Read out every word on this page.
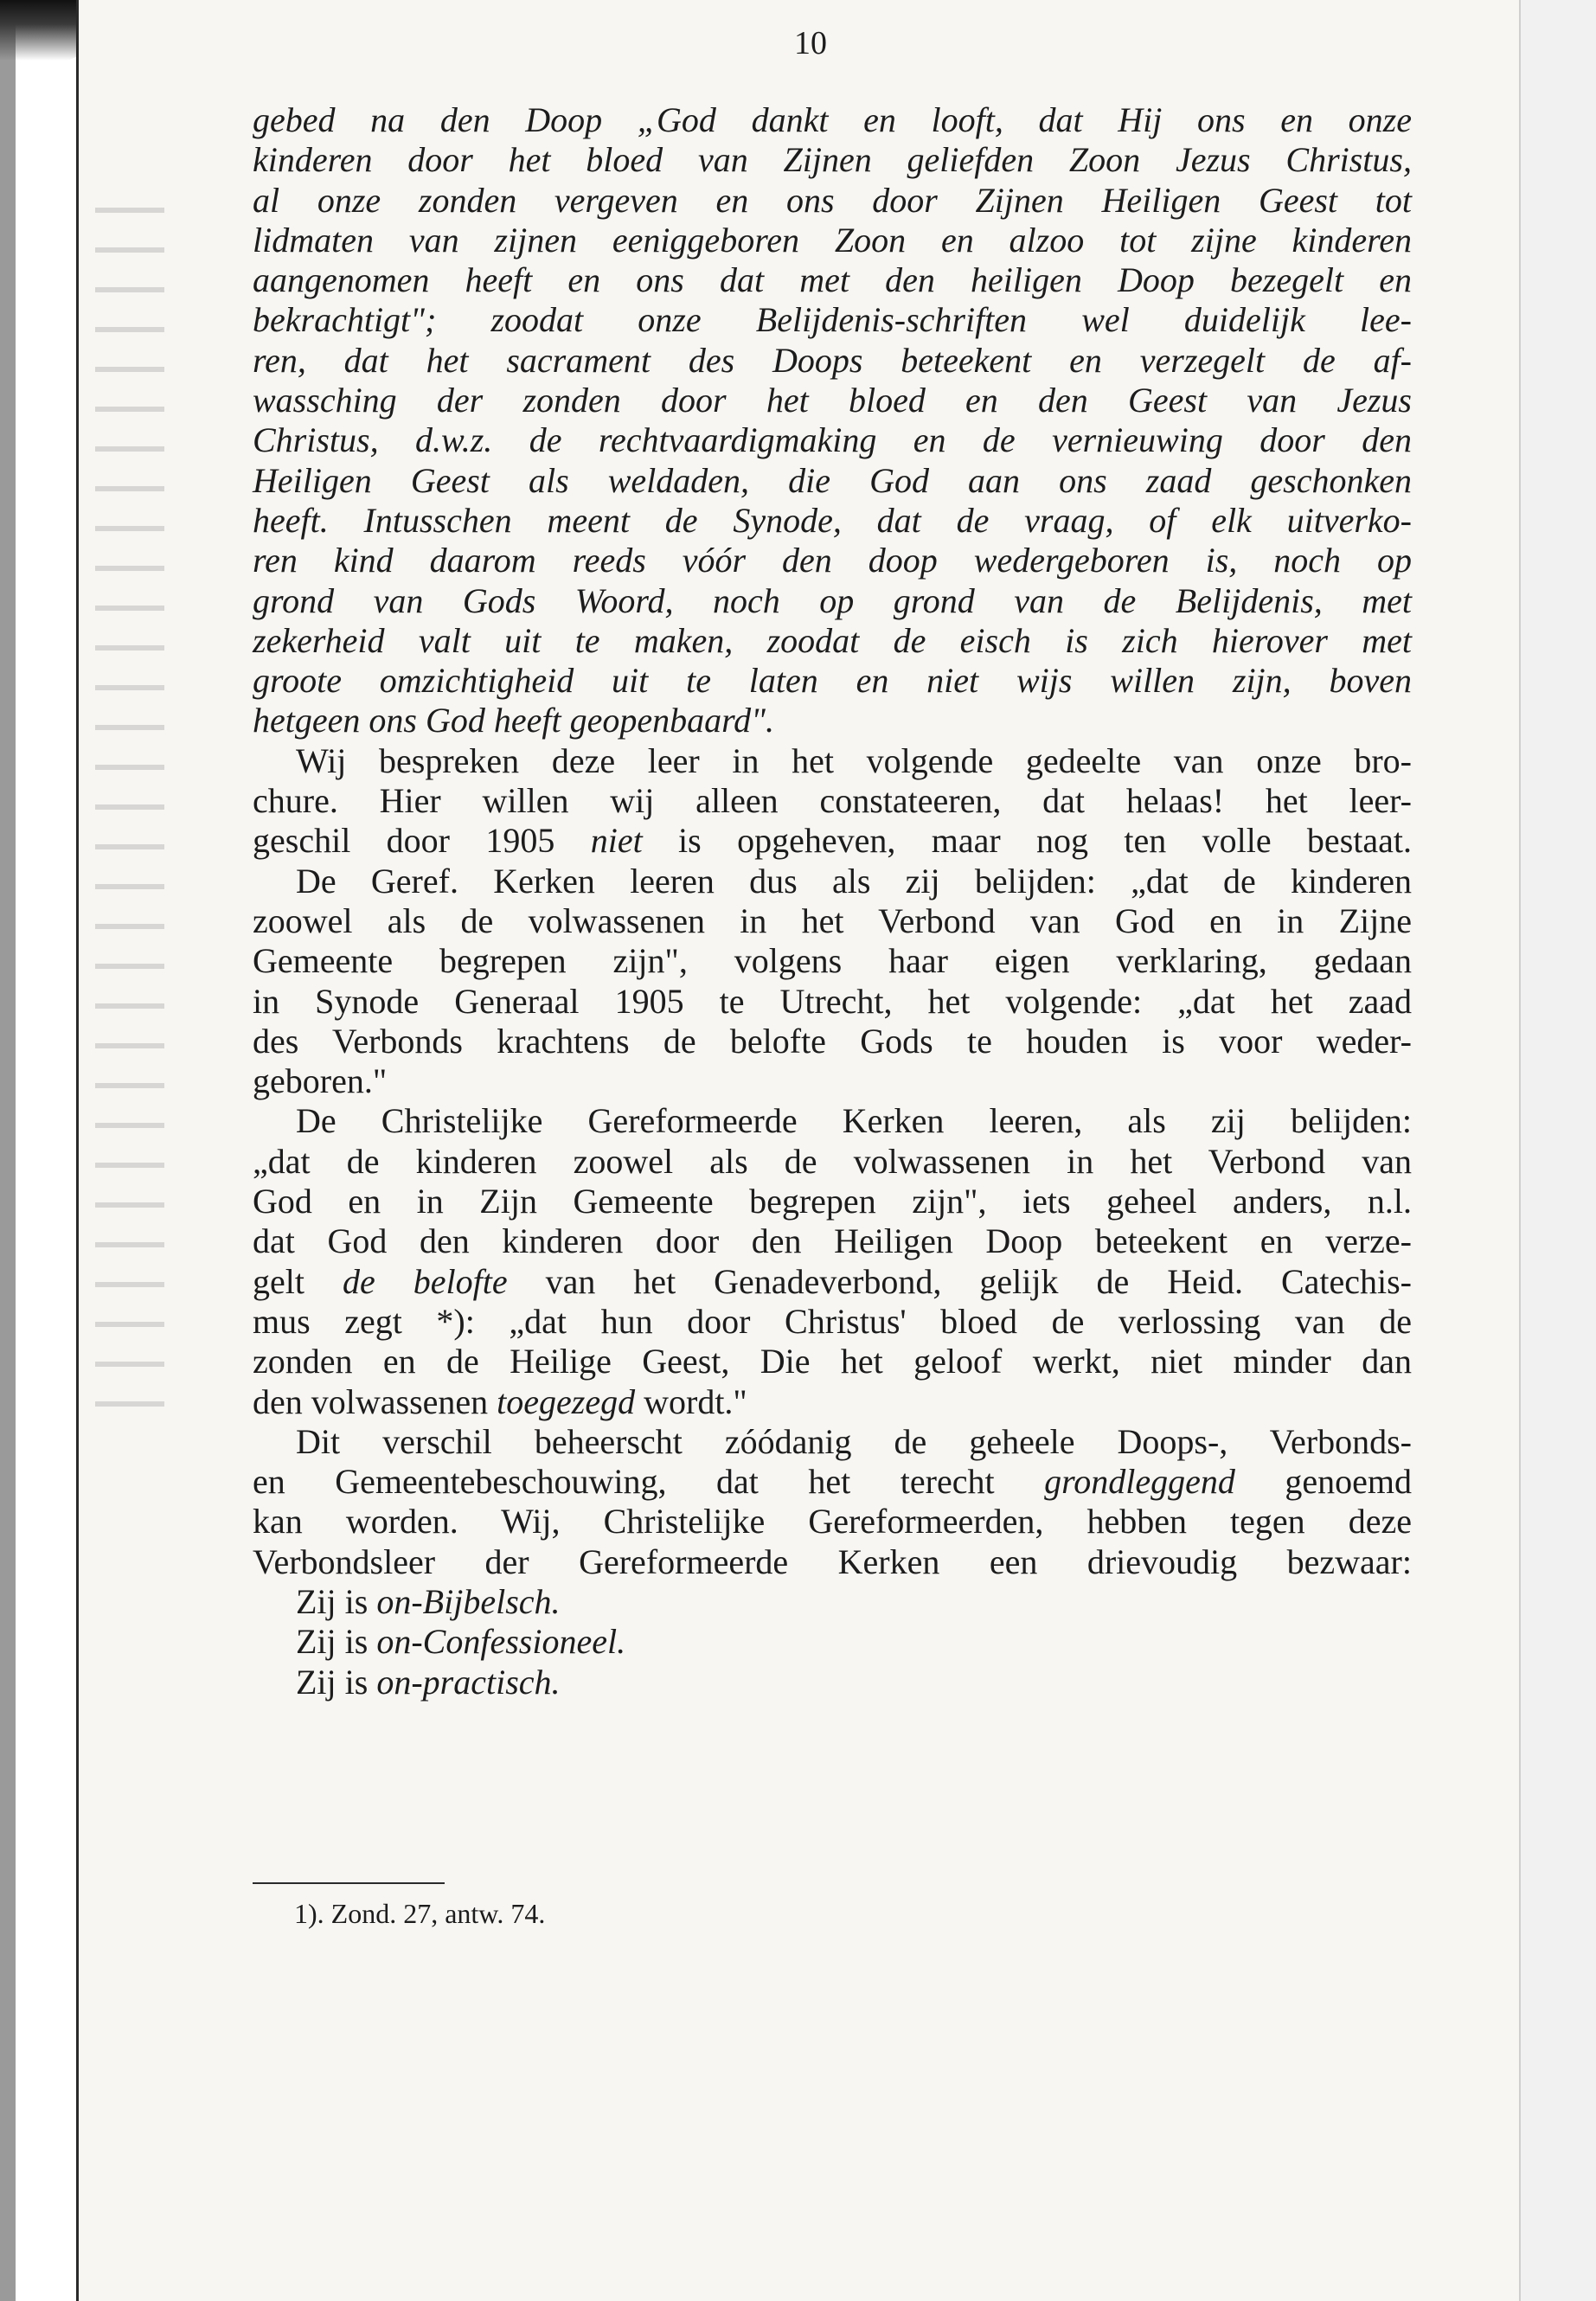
10
gebed na den Doop „God dankt en looft, dat Hij ons en onze
kinderen door het bloed van Zijnen geliefden Zoon Jezus Christus,
al onze zonden vergeven en ons door Zijnen Heiligen Geest tot
lidmaten van zijnen eeniggeboren Zoon en alzoo tot zijne kinderen
aangenomen heeft en ons dat met den heiligen Doop bezegelt en
bekrachtigt"; zoodat onze Belijdenis-schriften wel duidelijk lee-
ren, dat het sacrament des Doops beteekent en verzegelt de af-
wassching der zonden door het bloed en den Geest van Jezus
Christus, d.w.z. de rechtvaardigmaking en de vernieuwing door den
Heiligen Geest als weldaden, die God aan ons zaad geschonken
heeft. Intusschen meent de Synode, dat de vraag, of elk uitverko-
ren kind daarom reeds vóór den doop wedergeboren is, noch op
grond van Gods Woord, noch op grond van de Belijdenis, met
zekerheid valt uit te maken, zoodat de eisch is zich hierover met
groote omzichtigheid uit te laten en niet wijs willen zijn, boven
hetgeen ons God heeft geopenbaard".
Wij bespreken deze leer in het volgende gedeelte van onze bro-
chure. Hier willen wij alleen constateeren, dat helaas! het leer-
geschil door 1905 niet is opgeheven, maar nog ten volle bestaat.
De Geref. Kerken leeren dus als zij belijden: „dat de kinderen
zoowel als de volwassenen in het Verbond van God en in Zijne
Gemeente begrepen zijn", volgens haar eigen verklaring, gedaan
in Synode Generaal 1905 te Utrecht, het volgende: „dat het zaad
des Verbonds krachtens de belofte Gods te houden is voor weder-
geboren."
De Christelijke Gereformeerde Kerken leeren, als zij belijden:
„dat de kinderen zoowel als de volwassenen in het Verbond van
God en in Zijn Gemeente begrepen zijn", iets geheel anders, n.l.
dat God den kinderen door den Heiligen Doop beteekent en verze-
gelt de belofte van het Genadeverbond, gelijk de Heid. Catechis-
mus zegt *): „dat hun door Christus' bloed de verlossing van de
zonden en de Heilige Geest, Die het geloof werkt, niet minder dan
den volwassenen toegezegd wordt."
Dit verschil beheerscht zóódanig de geheele Doops-, Verbonds-
en Gemeentebeschouwing, dat het terecht grondleggend genoemd
kan worden. Wij, Christelijke Gereformeerden, hebben tegen deze
Verbondsleer der Gereformeerde Kerken een drievoudig bezwaar:
Zij is on-Bijbelsch.
Zij is on-Confessioneel.
Zij is on-practisch.
1). Zond. 27, antw. 74.
